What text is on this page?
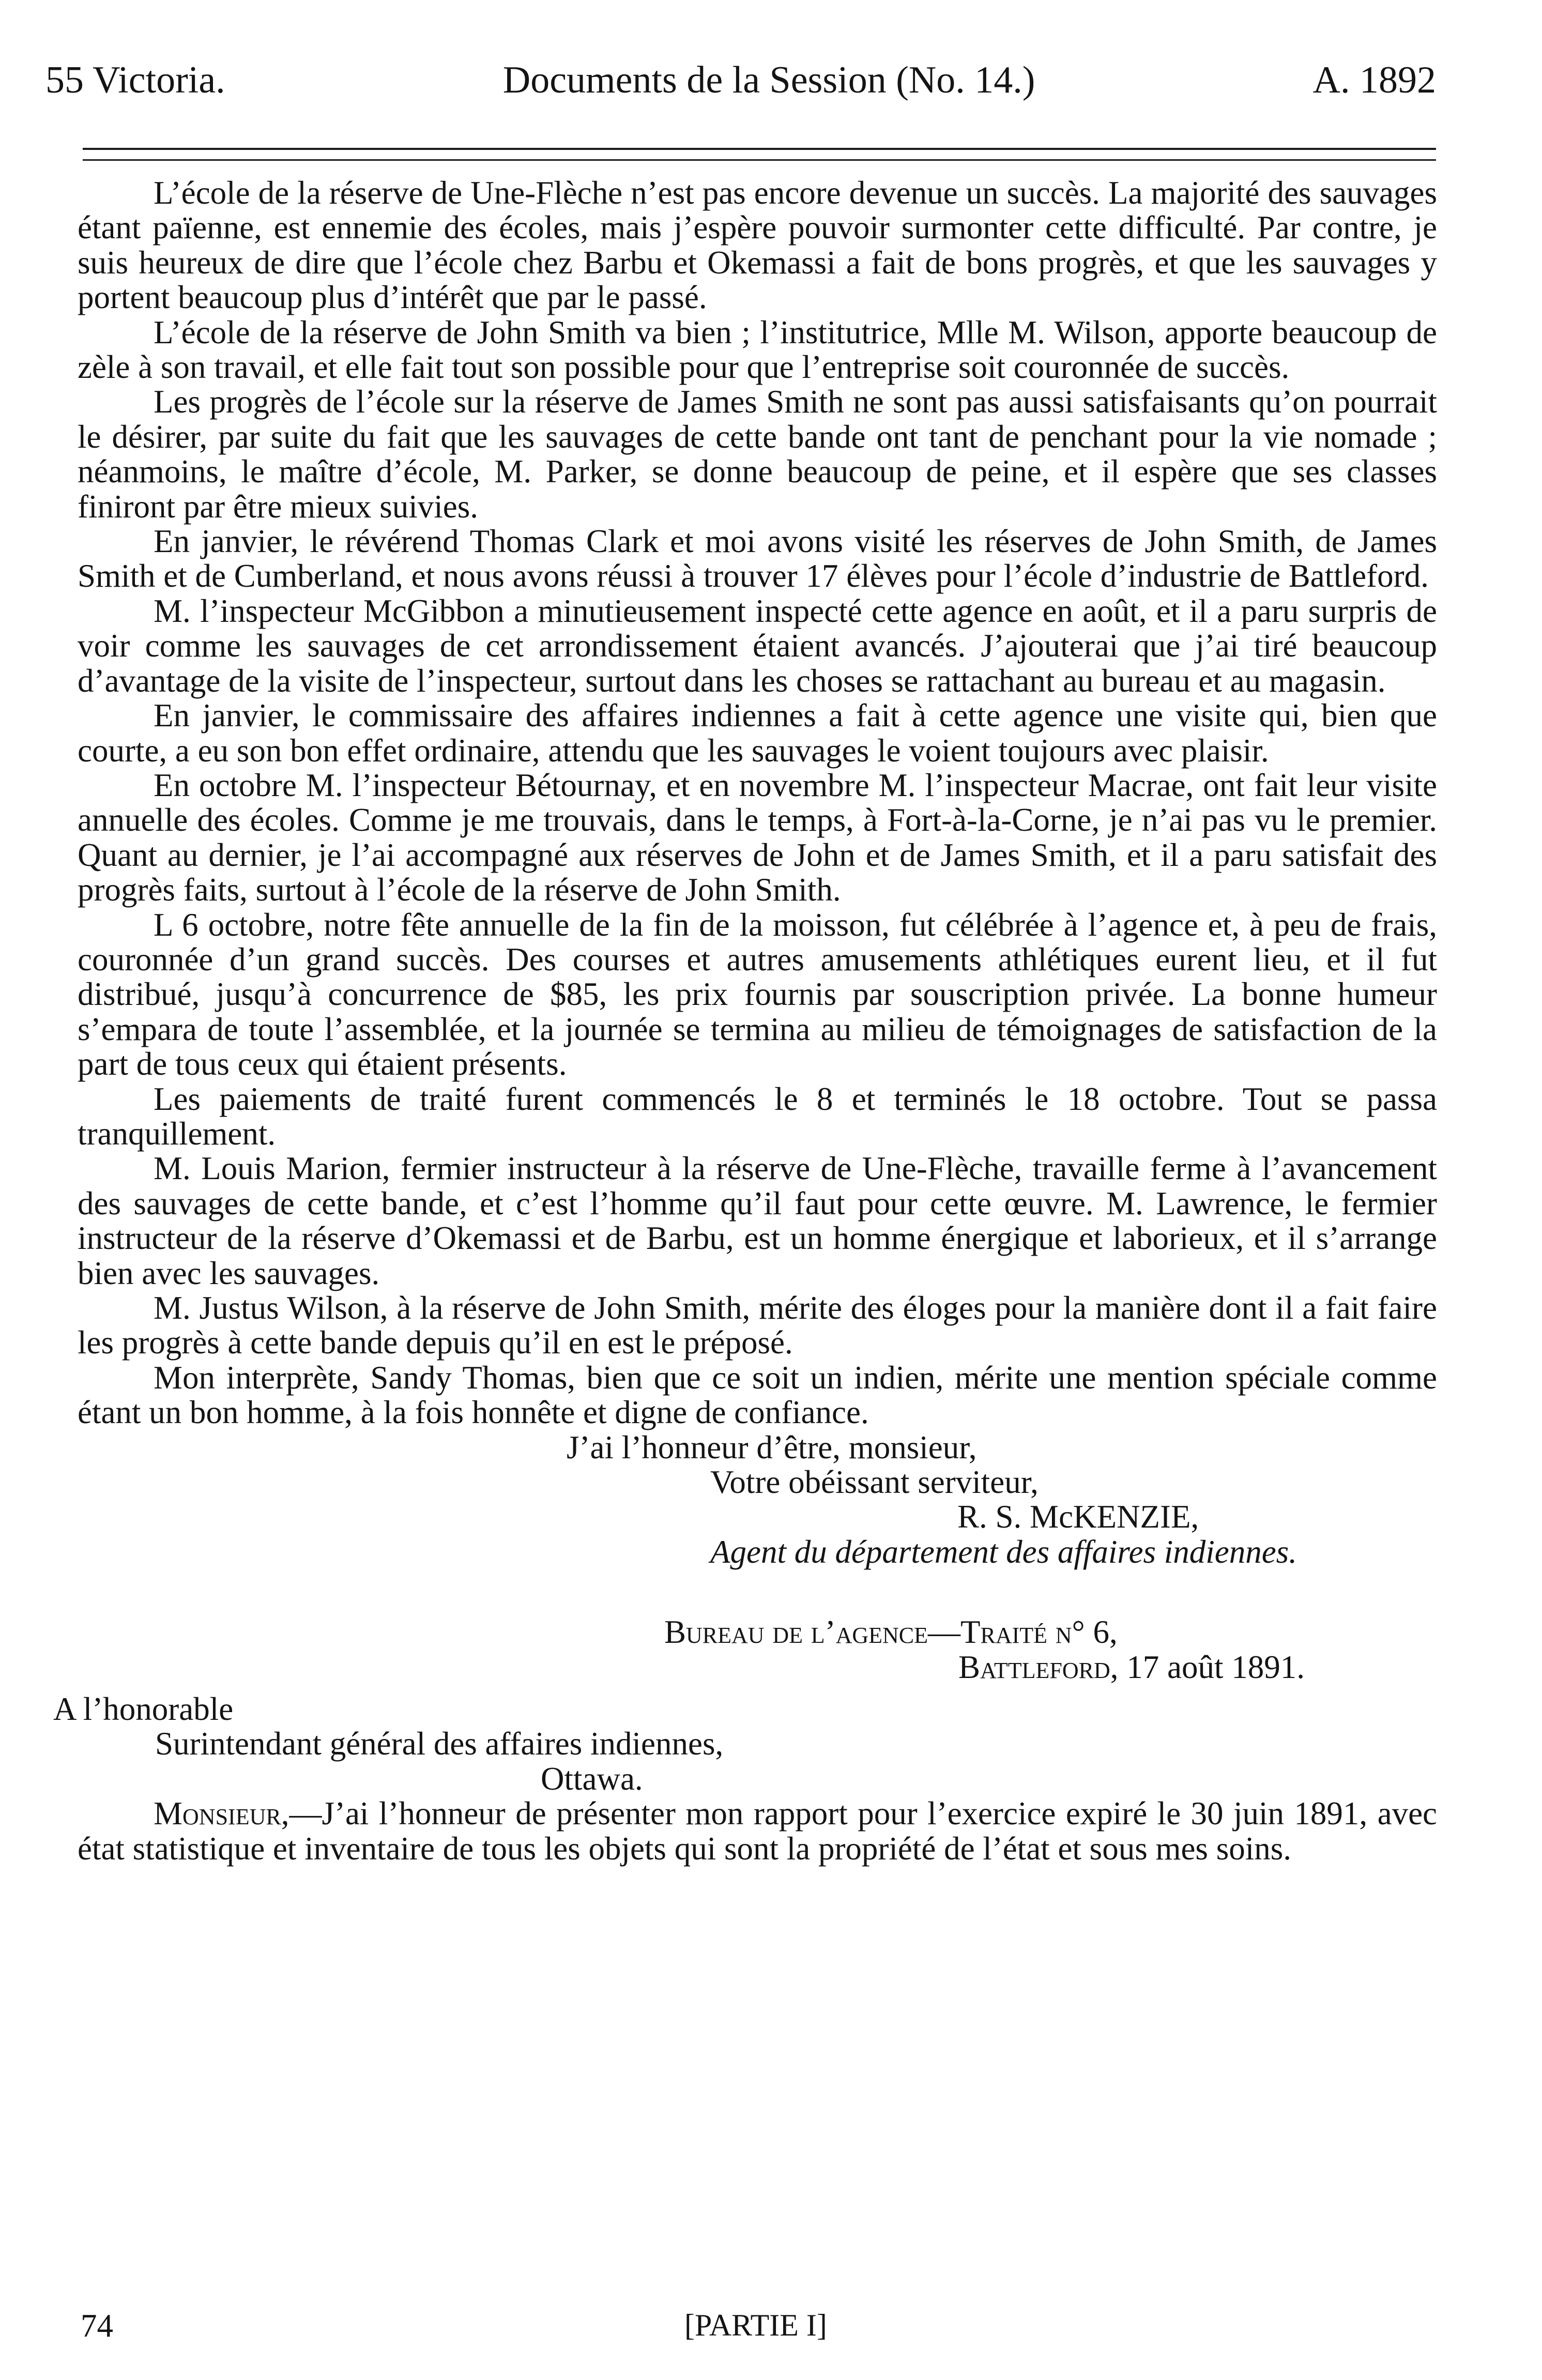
55 Victoria.	Documents de la Session (No. 14.)	A. 1892

L’école de la réserve de Une-Flèche n’est pas encore devenue un succès. La majorité des sauvages étant païenne, est ennemie des écoles, mais j’espère pouvoir surmonter cette difficulté. Par contre, je suis heureux de dire que l’école chez Barbu et Okemassi a fait de bons progrès, et que les sauvages y portent beaucoup plus d’intérêt que par le passé.

L’école de la réserve de John Smith va bien ; l’institutrice, Mlle M. Wilson, apporte beaucoup de zèle à son travail, et elle fait tout son possible pour que l’entreprise soit couronnée de succès.

Les progrès de l’école sur la réserve de James Smith ne sont pas aussi satisfaisants qu’on pourrait le désirer, par suite du fait que les sauvages de cette bande ont tant de penchant pour la vie nomade ; néanmoins, le maître d’école, M. Parker, se donne beaucoup de peine, et il espère que ses classes finiront par être mieux suivies.

En janvier, le révérend Thomas Clark et moi avons visité les réserves de John Smith, de James Smith et de Cumberland, et nous avons réussi à trouver 17 élèves pour l’école d’industrie de Battleford.

M. l’inspecteur McGibbon a minutieusement inspecté cette agence en août, et il a paru surpris de voir comme les sauvages de cet arrondissement étaient avancés. J’ajouterai que j’ai tiré beaucoup d’avantage de la visite de l’inspecteur, surtout dans les choses se rattachant au bureau et au magasin.

En janvier, le commissaire des affaires indiennes a fait à cette agence une visite qui, bien que courte, a eu son bon effet ordinaire, attendu que les sauvages le voient toujours avec plaisir.

En octobre M. l’inspecteur Bétournay, et en novembre M. l’inspecteur Macrae, ont fait leur visite annuelle des écoles. Comme je me trouvais, dans le temps, à Fort-à-la-Corne, je n’ai pas vu le premier. Quant au dernier, je l’ai accompagné aux réserves de John et de James Smith, et il a paru satisfait des progrès faits, surtout à l’école de la réserve de John Smith.

L 6 octobre, notre fête annuelle de la fin de la moisson, fut célébrée à l’agence et, à peu de frais, couronnée d’un grand succès. Des courses et autres amusements athlétiques eurent lieu, et il fut distribué, jusqu’à concurrence de $85, les prix fournis par souscription privée. La bonne humeur s’empara de toute l’assemblée, et la journée se termina au milieu de témoignages de satisfaction de la part de tous ceux qui étaient présents.

Les paiements de traité furent commencés le 8 et terminés le 18 octobre. Tout se passa tranquillement.

M. Louis Marion, fermier instructeur à la réserve de Une-Flèche, travaille ferme à l’avancement des sauvages de cette bande, et c’est l’homme qu’il faut pour cette œuvre. M. Lawrence, le fermier instructeur de la réserve d’Okemassi et de Barbu, est un homme énergique et laborieux, et il s’arrange bien avec les sauvages.

M. Justus Wilson, à la réserve de John Smith, mérite des éloges pour la manière dont il a fait faire les progrès à cette bande depuis qu’il en est le préposé.

Mon interprète, Sandy Thomas, bien que ce soit un indien, mérite une mention spéciale comme étant un bon homme, à la fois honnête et digne de confiance.

J’ai l’honneur d’être, monsieur,
Votre obéissant serviteur,
R. S. McKENZIE,
Agent du département des affaires indiennes.
Bureau de l’agence—Traité n° 6,
Battleford, 17 août 1891.
A l’honorable
Surintendant général des affaires indiennes,
Ottawa.

Monsieur,—J’ai l’honneur de présenter mon rapport pour l’exercice expiré le 30 juin 1891, avec état statistique et inventaire de tous les objets qui sont la propriété de l’état et sous mes soins.

74	[PARTIE I]
